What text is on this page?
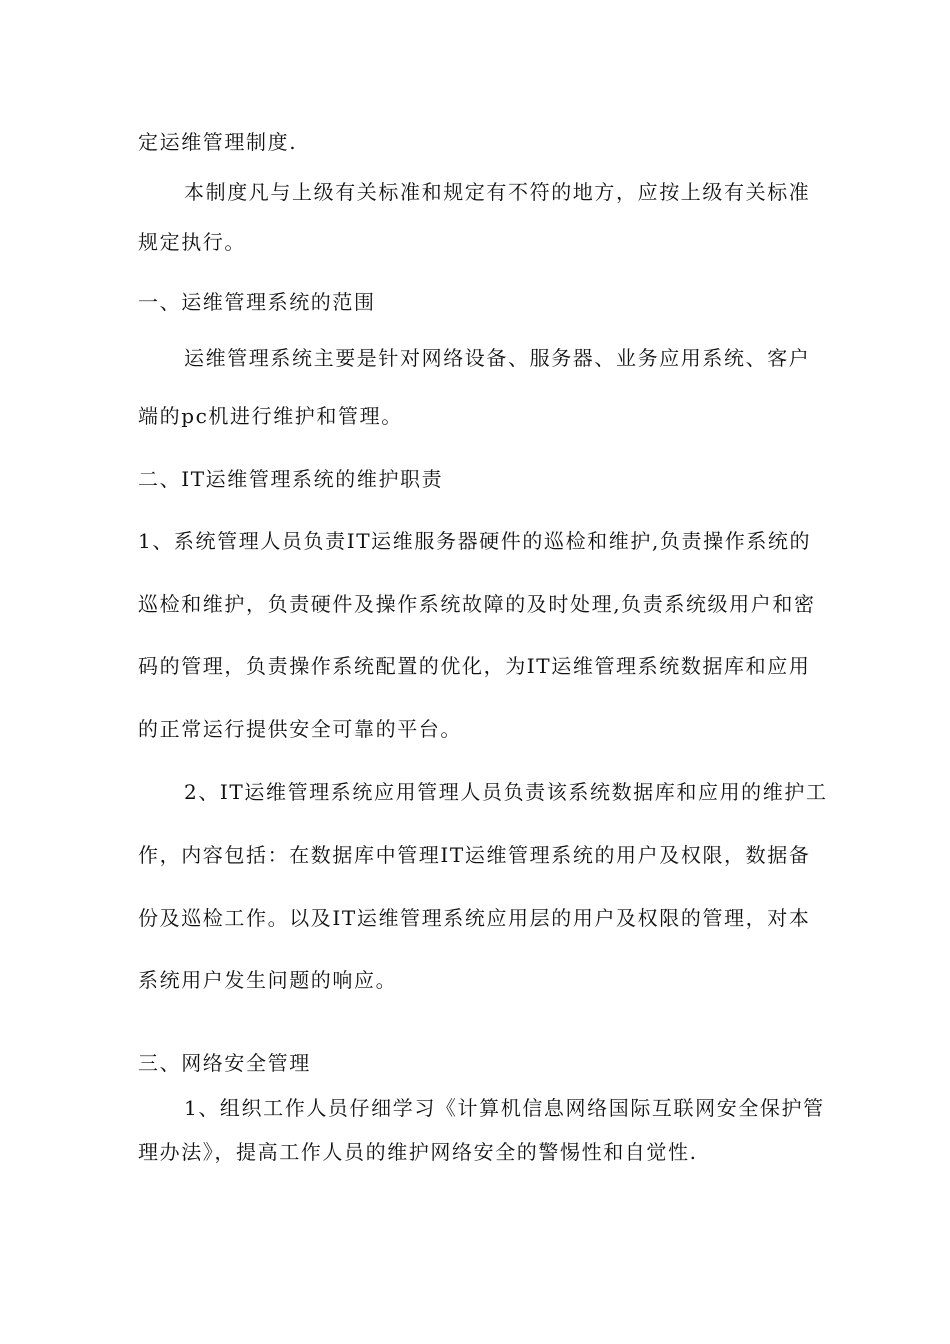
定运维管理制度.
本制度凡与上级有关标准和规定有不符的地方，应按上级有关标准
规定执行。
一、运维管理系统的范围
运维管理系统主要是针对网络设备、服务器、业务应用系统、客户
端的pc机进行维护和管理。
二、IT运维管理系统的维护职责
1、系统管理人员负责IT运维服务器硬件的巡检和维护,负责操作系统的
巡检和维护，负责硬件及操作系统故障的及时处理,负责系统级用户和密
码的管理，负责操作系统配置的优化，为IT运维管理系统数据库和应用
的正常运行提供安全可靠的平台。
2、IT运维管理系统应用管理人员负责该系统数据库和应用的维护工
作，内容包括：在数据库中管理IT运维管理系统的用户及权限，数据备
份及巡检工作。以及IT运维管理系统应用层的用户及权限的管理，对本
系统用户发生问题的响应。
三、网络安全管理
1、组织工作人员仔细学习《计算机信息网络国际互联网安全保护管
理办法》，提高工作人员的维护网络安全的警惕性和自觉性.
